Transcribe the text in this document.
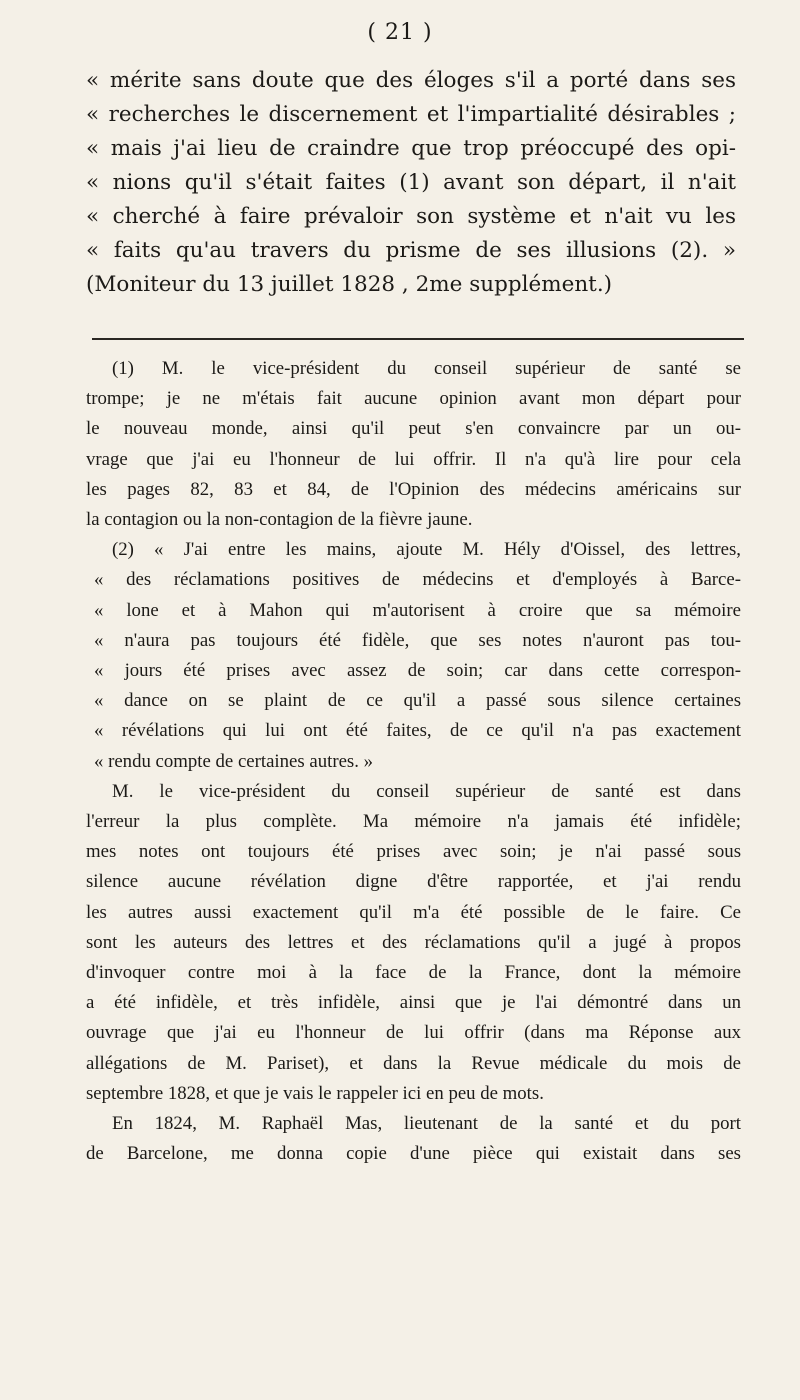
( 21 )
« mérite sans doute que des éloges s'il a porté dans ses
« recherches le discernement et l'impartialité désirables ;
« mais j'ai lieu de craindre que trop préoccupé des opi-
« nions qu'il s'était faites (1) avant son départ, il n'ait
« cherché à faire prévaloir son système et n'ait vu les
« faits qu'au travers du prisme de ses illusions (2). »
(Moniteur du 13 juillet 1828 , 2me supplément.)
(1) M. le vice-président du conseil supérieur de santé se
trompe; je ne m'étais fait aucune opinion avant mon départ pour
le nouveau monde, ainsi qu'il peut s'en convaincre par un ou-
vrage que j'ai eu l'honneur de lui offrir. Il n'a qu'à lire pour cela
les pages 82, 83 et 84, de l'Opinion des médecins américains sur
la contagion ou la non-contagion de la fièvre jaune.
(2) « J'ai entre les mains, ajoute M. Hély d'Oissel, des lettres,
« des réclamations positives de médecins et d'employés à Barce-
« lone et à Mahon qui m'autorisent à croire que sa mémoire
« n'aura pas toujours été fidèle, que ses notes n'auront pas tou-
« jours été prises avec assez de soin; car dans cette correspon-
« dance on se plaint de ce qu'il a passé sous silence certaines
« révélations qui lui ont été faites, de ce qu'il n'a pas exactement
« rendu compte de certaines autres. »
M. le vice-président du conseil supérieur de santé est dans
l'erreur la plus complète. Ma mémoire n'a jamais été infidèle;
mes notes ont toujours été prises avec soin; je n'ai passé sous
silence aucune révélation digne d'être rapportée, et j'ai rendu
les autres aussi exactement qu'il m'a été possible de le faire. Ce
sont les auteurs des lettres et des réclamations qu'il a jugé à propos
d'invoquer contre moi à la face de la France, dont la mémoire
a été infidèle, et très infidèle, ainsi que je l'ai démontré dans un
ouvrage que j'ai eu l'honneur de lui offrir (dans ma Réponse aux
allégations de M. Pariset), et dans la Revue médicale du mois de
septembre 1828, et que je vais le rappeler ici en peu de mots.
En 1824, M. Raphaël Mas, lieutenant de la santé et du port
de Barcelone, me donna copie d'une pièce qui existait dans ses
